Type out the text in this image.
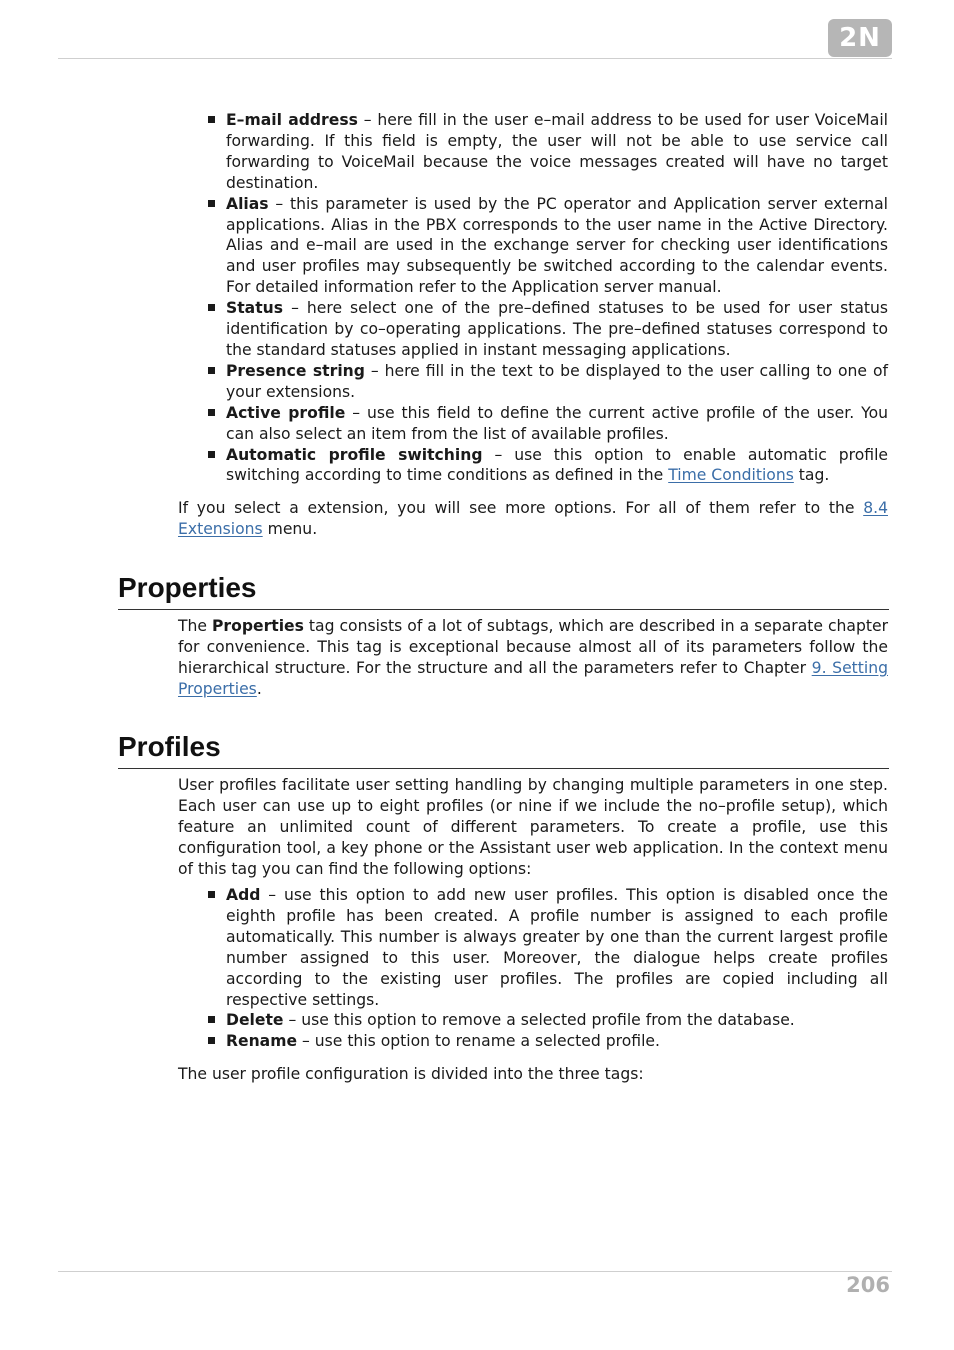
2N
E–mail address – here fill in the user e–mail address to be used for user VoiceMail forwarding. If this field is empty, the user will not be able to use service call forwarding to VoiceMail because the voice messages created will have no target destination.
Alias – this parameter is used by the PC operator and Application server external applications. Alias in the PBX corresponds to the user name in the Active Directory. Alias and e–mail are used in the exchange server for checking user identifications and user profiles may subsequently be switched according to the calendar events. For detailed information refer to the Application server manual.
Status – here select one of the pre–defined statuses to be used for user status identification by co–operating applications. The pre–defined statuses correspond to the standard statuses applied in instant messaging applications.
Presence string – here fill in the text to be displayed to the user calling to one of your extensions.
Active profile – use this field to define the current active profile of the user. You can also select an item from the list of available profiles.
Automatic profile switching – use this option to enable automatic profile switching according to time conditions as defined in the Time Conditions tag.

If you select a extension, you will see more options. For all of them refer to the 8.4 Extensions menu.

Properties

The Properties tag consists of a lot of subtags, which are described in a separate chapter for convenience. This tag is exceptional because almost all of its parameters follow the hierarchical structure. For the structure and all the parameters refer to Chapter 9. Setting Properties.

Profiles

User profiles facilitate user setting handling by changing multiple parameters in one step. Each user can use up to eight profiles (or nine if we include the no–profile setup), which feature an unlimited count of different parameters. To create a profile, use this configuration tool, a key phone or the Assistant user web application. In the context menu of this tag you can find the following options:

Add – use this option to add new user profiles. This option is disabled once the eighth profile has been created. A profile number is assigned to each profile automatically. This number is always greater by one than the current largest profile number assigned to this user. Moreover, the dialogue helps create profiles according to the existing user profiles. The profiles are copied including all respective settings.
Delete – use this option to remove a selected profile from the database.
Rename – use this option to rename a selected profile.

The user profile configuration is divided into the three tags:

206
